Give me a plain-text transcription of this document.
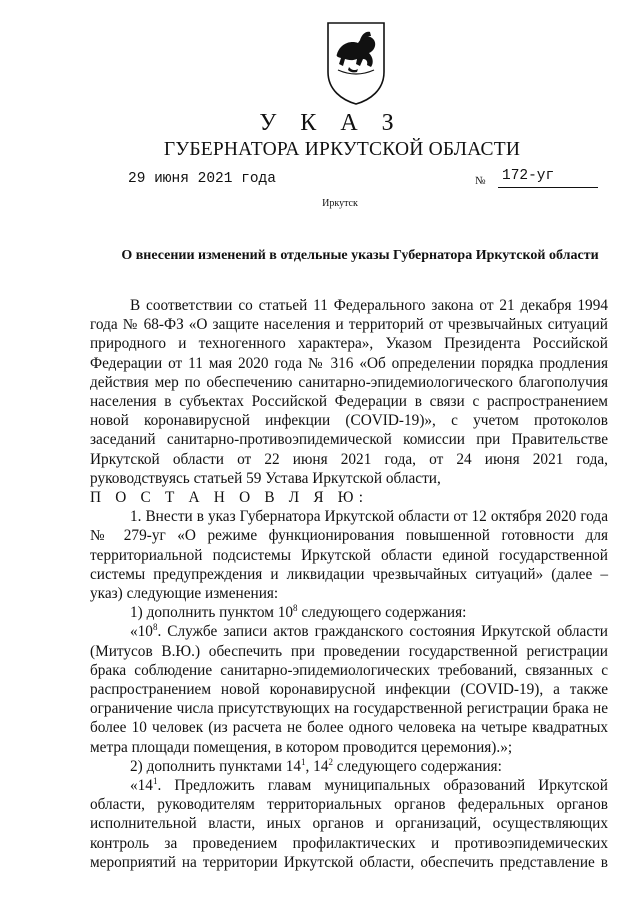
У К А З
ГУБЕРНАТОРА ИРКУТСКОЙ ОБЛАСТИ
29 июня 2021 года	№ 172-уг
Иркутск
О внесении изменений в отдельные указы Губернатора Иркутской области

В соответствии со статьей 11 Федерального закона от 21 декабря 1994 года № 68-ФЗ «О защите населения и территорий от чрезвычайных ситуаций природного и техногенного характера», Указом Президента Российской Федерации от 11 мая 2020 года № 316 «Об определении порядка продления действия мер по обеспечению санитарно-эпидемиологического благополучия населения в субъектах Российской Федерации в связи с распространением новой коронавирусной инфекции (COVID-19)», с учетом протоколов заседаний санитарно-противоэпидемической комиссии при Правительстве Иркутской области от 22 июня 2021 года, от 24 июня 2021 года, руководствуясь статьей 59 Устава Иркутской области,

П О С Т А Н О В Л Я Ю:

1. Внести в указ Губернатора Иркутской области от 12 октября 2020 года № 279-уг «О режиме функционирования повышенной готовности для территориальной подсистемы Иркутской области единой государственной системы предупреждения и ликвидации чрезвычайных ситуаций» (далее – указ) следующие изменения:

1) дополнить пунктом $10^8$ следующего содержания:

«$10^8$. Службе записи актов гражданского состояния Иркутской области (Митусов В.Ю.) обеспечить при проведении государственной регистрации брака соблюдение санитарно-эпидемиологических требований, связанных с распространением новой коронавирусной инфекции (COVID-19), а также ограничение числа присутствующих на государственной регистрации брака не более 10 человек (из расчета не более одного человека на четыре квадратных метра площади помещения, в котором проводится церемония).»;

2) дополнить пунктами $14^1$, $14^2$ следующего содержания:

«$14^1$. Предложить главам муниципальных образований Иркутской области, руководителям территориальных органов федеральных органов исполнительной власти, иных органов и организаций, осуществляющих контроль за проведением профилактических и противоэпидемических мероприятий на территории Иркутской области, обеспечить представление в
